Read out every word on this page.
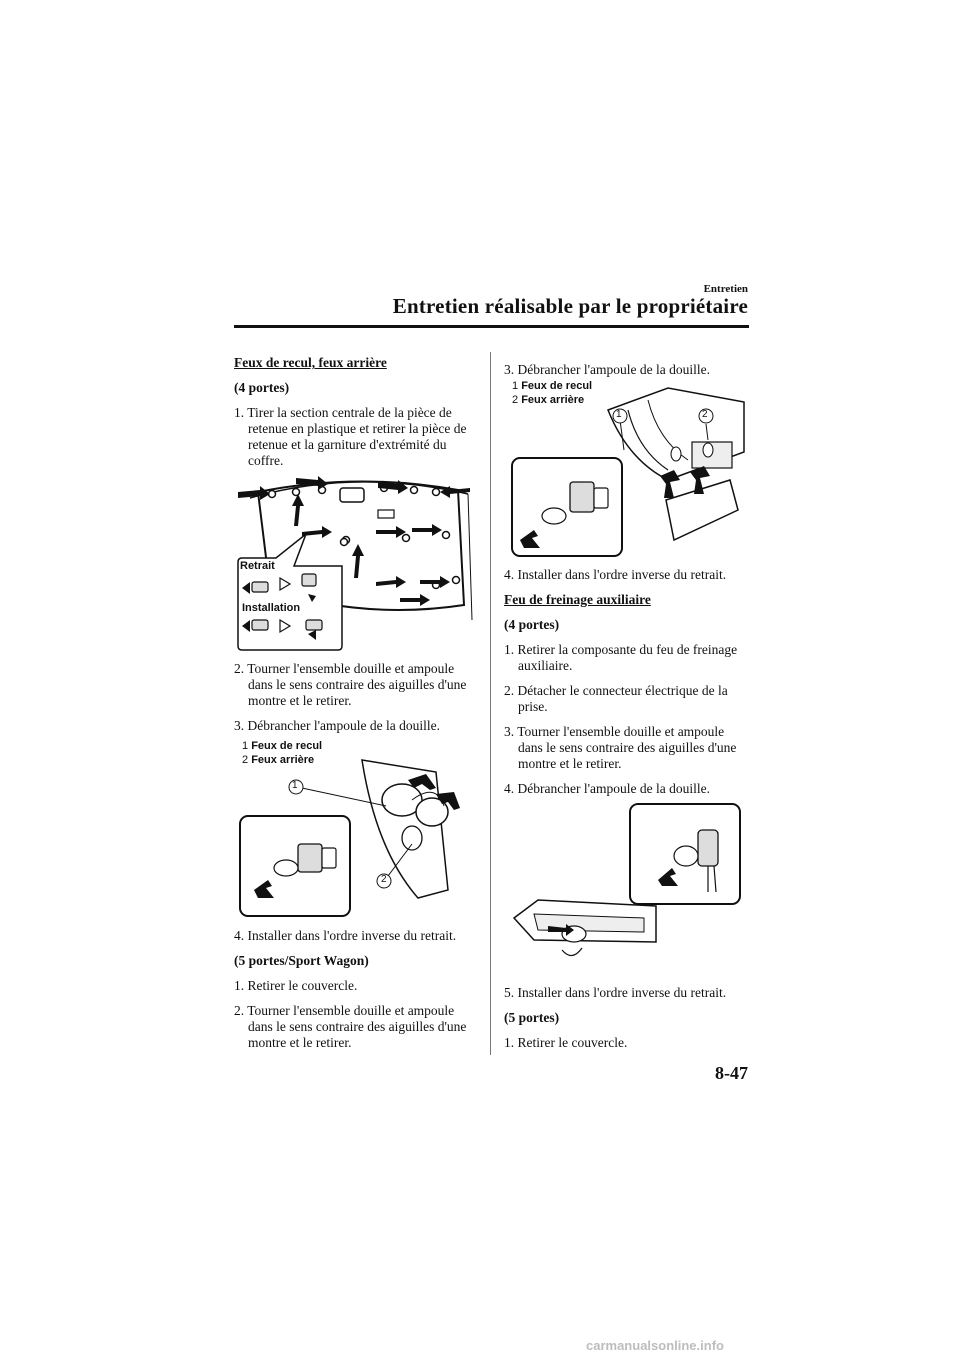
Entretien
Entretien réalisable par le propriétaire

Feux de recul, feux arrière

(4 portes)

1. Tirer la section centrale de la pièce de retenue en plastique et retirer la pièce de retenue et la garniture d'extrémité du coffre.

Retrait
Installation

2. Tourner l'ensemble douille et ampoule dans le sens contraire des aiguilles d'une montre et le retirer.

3. Débrancher l'ampoule de la douille.

1 Feux de recul
2 Feux arrière
1
2

4. Installer dans l'ordre inverse du retrait.

(5 portes/Sport Wagon)

1. Retirer le couvercle.

2. Tourner l'ensemble douille et ampoule dans le sens contraire des aiguilles d'une montre et le retirer.

3. Débrancher l'ampoule de la douille.

1 Feux de recul
2 Feux arrière
1	2

4. Installer dans l'ordre inverse du retrait.

Feu de freinage auxiliaire

(4 portes)

1. Retirer la composante du feu de freinage auxiliaire.

2. Détacher le connecteur électrique de la prise.

3. Tourner l'ensemble douille et ampoule dans le sens contraire des aiguilles d'une montre et le retirer.

4. Débrancher l'ampoule de la douille.

5. Installer dans l'ordre inverse du retrait.

(5 portes)

1. Retirer le couvercle.

8-47
carmanualsonline.info
